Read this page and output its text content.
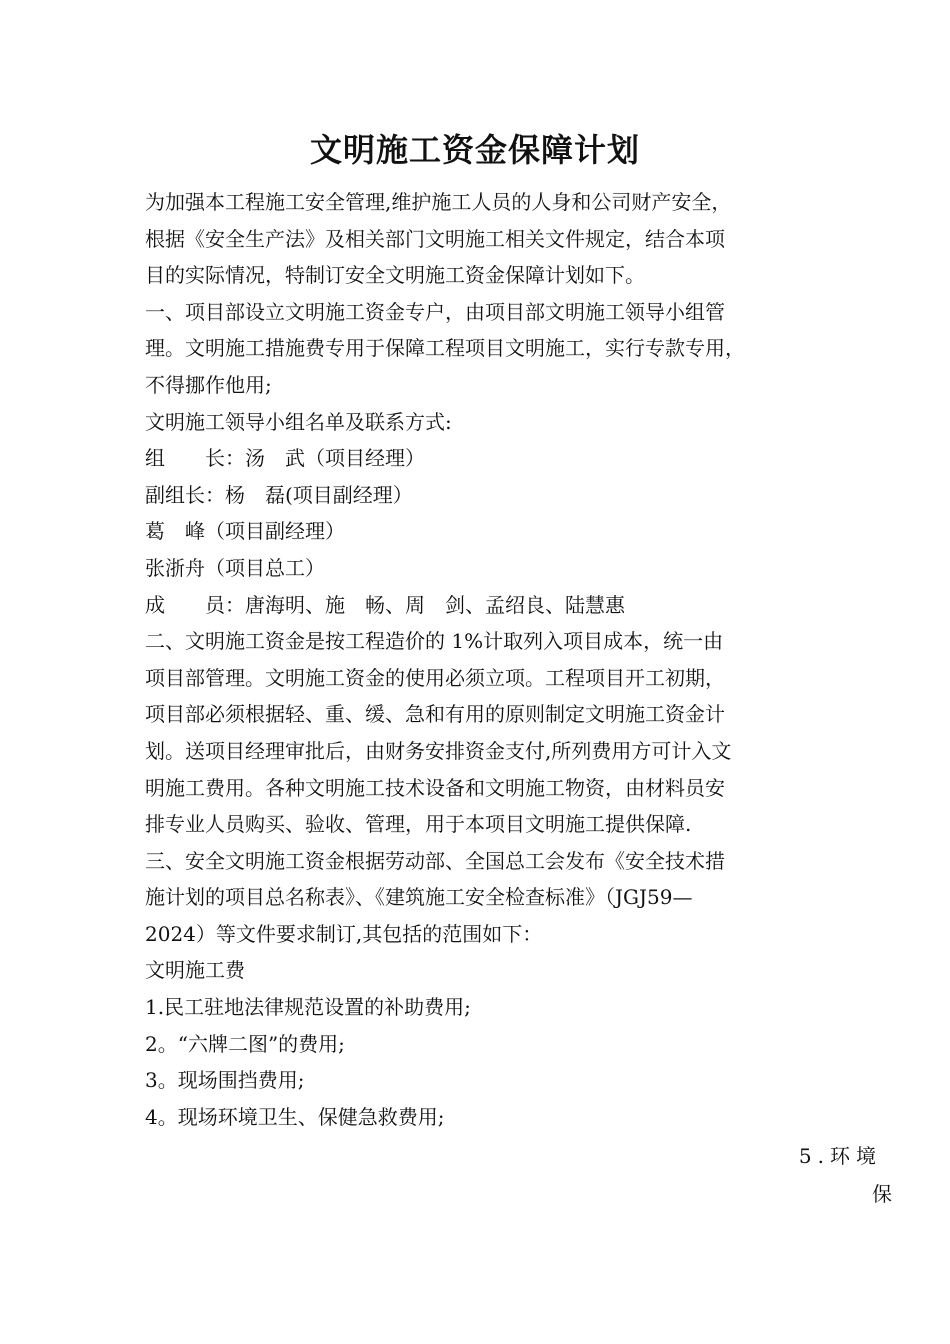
文明施工资金保障计划
为加强本工程施工安全管理,维护施工人员的人身和公司财产安全，
根据《安全生产法》及相关部门文明施工相关文件规定，结合本项
目的实际情况，特制订安全文明施工资金保障计划如下。
一、项目部设立文明施工资金专户，由项目部文明施工领导小组管
理。文明施工措施费专用于保障工程项目文明施工，实行专款专用，
不得挪作他用;
文明施工领导小组名单及联系方式:
组　　长：汤　武（项目经理）
副组长：杨　磊(项目副经理）
葛　峰（项目副经理）
张浙舟（项目总工）
成　　员：唐海明、施　畅、周　剑、孟绍良、陆慧惠
二、文明施工资金是按工程造价的 1%计取列入项目成本，统一由
项目部管理。文明施工资金的使用必须立项。工程项目开工初期，
项目部必须根据轻、重、缓、急和有用的原则制定文明施工资金计
划。送项目经理审批后，由财务安排资金支付,所列费用方可计入文
明施工费用。各种文明施工技术设备和文明施工物资，由材料员安
排专业人员购买、验收、管理，用于本项目文明施工提供保障.
三、安全文明施工资金根据劳动部、全国总工会发布《安全技术措
施计划的项目总名称表》、《建筑施工安全检查标准》（JGJ59—
2024）等文件要求制订,其包括的范围如下：
文明施工费
1.民工驻地法律规范设置的补助费用;
2。“六牌二图”的费用;
3。现场围挡费用;
4。现场环境卫生、保健急救费用;
5.环境
保
